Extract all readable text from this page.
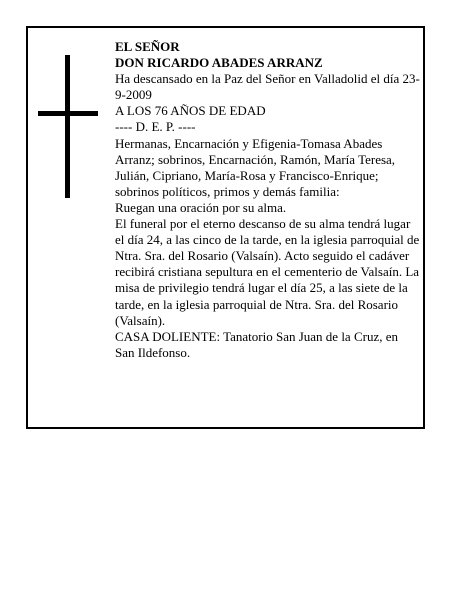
EL SEÑOR

DON RICARDO ABADES ARRANZ

Ha descansado en la Paz del Señor en Valladolid el día 23-9-2009

A LOS 76 AÑOS DE EDAD

---- D. E. P. ----

Hermanas, Encarnación y Efigenia-Tomasa Abades Arranz; sobrinos, Encarnación, Ramón, María Teresa, Julián, Cipriano, María-Rosa y Francisco-Enrique; sobrinos políticos, primos y demás familia:

Ruegan una oración por su alma.

El funeral por el eterno descanso de su alma tendrá lugar el día 24, a las cinco de la tarde, en la iglesia parroquial de Ntra. Sra. del Rosario (Valsaín). Acto seguido el cadáver recibirá cristiana sepultura en el cementerio de Valsaín. La misa de privilegio tendrá lugar el día 25, a las siete de la tarde, en la iglesia parroquial de Ntra. Sra. del Rosario (Valsaín).

CASA DOLIENTE: Tanatorio San Juan de la Cruz, en San Ildefonso.
